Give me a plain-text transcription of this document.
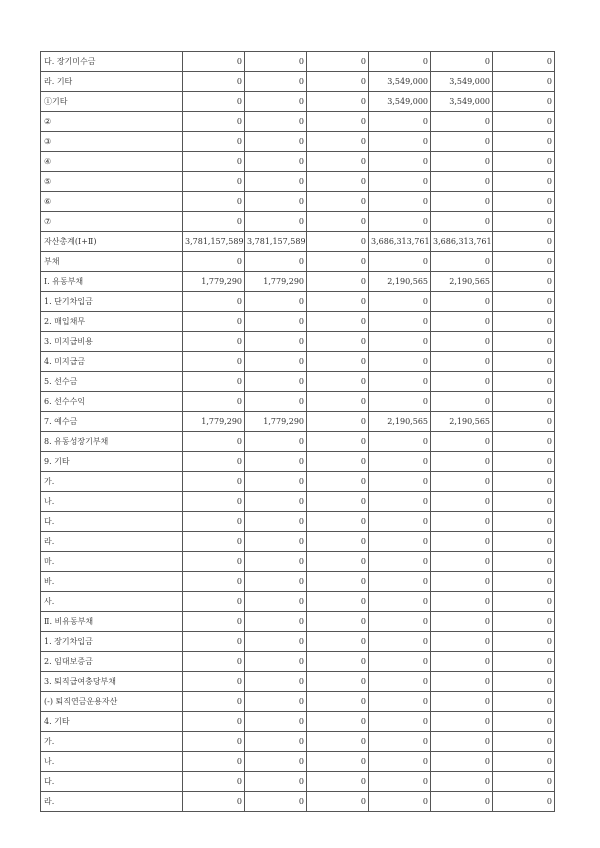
다. 장기미수금	0	0	0	0	0	0
라. 기타	0	0	0	3,549,000	3,549,000	0
①기타	0	0	0	3,549,000	3,549,000	0
②	0	0	0	0	0	0
③	0	0	0	0	0	0
④	0	0	0	0	0	0
⑤	0	0	0	0	0	0
⑥	0	0	0	0	0	0
⑦	0	0	0	0	0	0
자산총계(Ⅰ+Ⅱ)	3,781,157,589	3,781,157,589	0	3,686,313,761	3,686,313,761	0
부채	0	0	0	0	0	0
Ⅰ. 유동부채	1,779,290	1,779,290	0	2,190,565	2,190,565	0
1. 단기차입금	0	0	0	0	0	0
2. 매입채무	0	0	0	0	0	0
3. 미지급비용	0	0	0	0	0	0
4. 미지급금	0	0	0	0	0	0
5. 선수금	0	0	0	0	0	0
6. 선수수익	0	0	0	0	0	0
7. 예수금	1,779,290	1,779,290	0	2,190,565	2,190,565	0
8. 유동성장기부채	0	0	0	0	0	0
9. 기타	0	0	0	0	0	0
가.	0	0	0	0	0	0
나.	0	0	0	0	0	0
다.	0	0	0	0	0	0
라.	0	0	0	0	0	0
마.	0	0	0	0	0	0
바.	0	0	0	0	0	0
사.	0	0	0	0	0	0
Ⅱ. 비유동부채	0	0	0	0	0	0
1. 장기차입금	0	0	0	0	0	0
2. 임대보증금	0	0	0	0	0	0
3. 퇴직급여충당부채	0	0	0	0	0	0
(-) 퇴직연금운용자산	0	0	0	0	0	0
4. 기타	0	0	0	0	0	0
가.	0	0	0	0	0	0
나.	0	0	0	0	0	0
다.	0	0	0	0	0	0
라.	0	0	0	0	0	0
